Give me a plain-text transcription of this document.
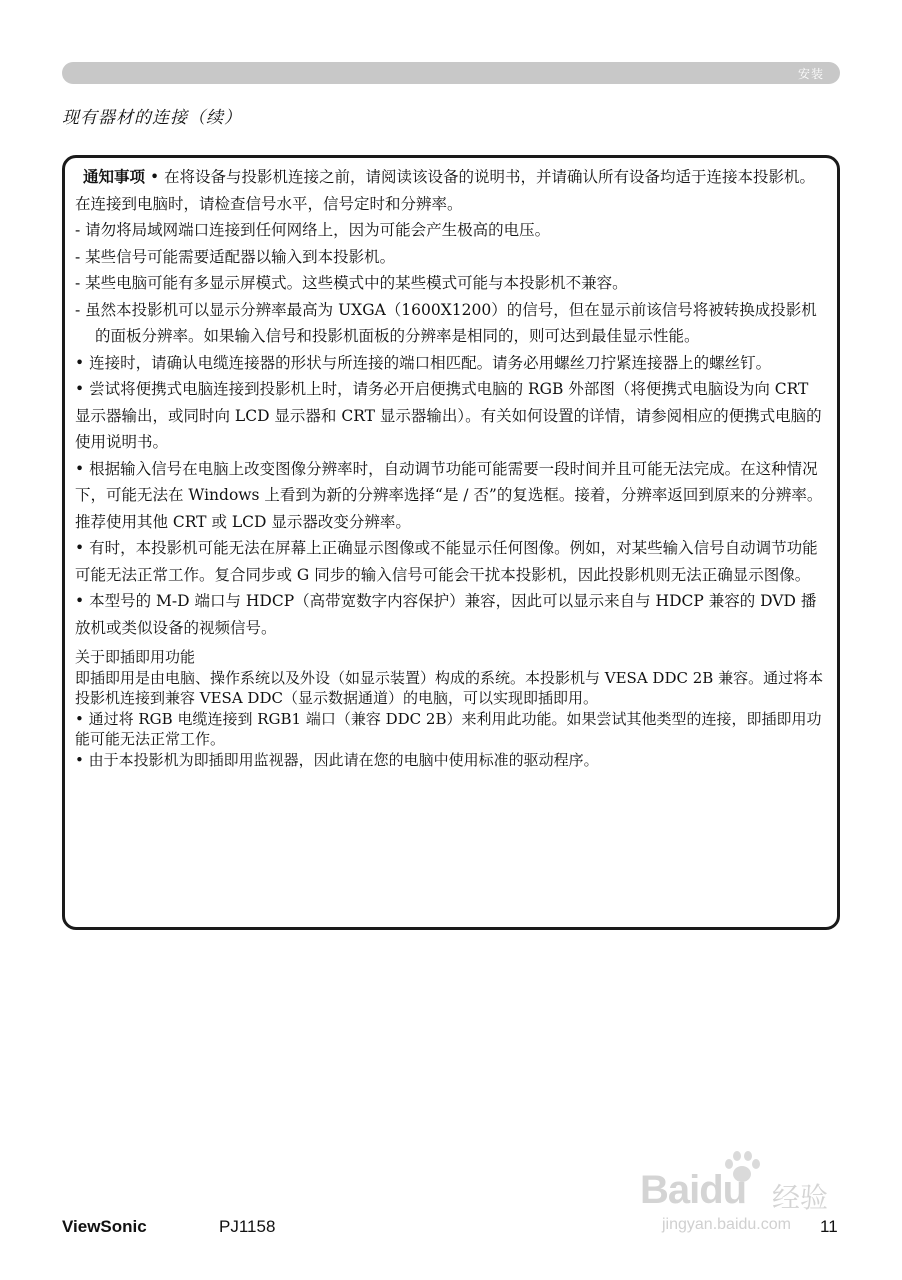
安装
现有器材的连接（续）

通知事项 • 在将设备与投影机连接之前，请阅读该设备的说明书，并请确认所有设备均适于连接本投影机。在连接到电脑时，请检查信号水平，信号定时和分辨率。

- 请勿将局域网端口连接到任何网络上，因为可能会产生极高的电压。

- 某些信号可能需要适配器以输入到本投影机。

- 某些电脑可能有多显示屏模式。这些模式中的某些模式可能与本投影机不兼容。

- 虽然本投影机可以显示分辨率最高为 UXGA（1600X1200）的信号，但在显示前该信号将被转换成投影机的面板分辨率。如果输入信号和投影机面板的分辨率是相同的，则可达到最佳显示性能。

• 连接时，请确认电缆连接器的形状与所连接的端口相匹配。请务必用螺丝刀拧紧连接器上的螺丝钉。

• 尝试将便携式电脑连接到投影机上时，请务必开启便携式电脑的 RGB 外部图（将便携式电脑设为向 CRT 显示器输出，或同时向 LCD 显示器和 CRT 显示器输出）。有关如何设置的详情，请参阅相应的便携式电脑的使用说明书。

• 根据输入信号在电脑上改变图像分辨率时，自动调节功能可能需要一段时间并且可能无法完成。在这种情况下，可能无法在 Windows 上看到为新的分辨率选择“是 / 否”的复选框。接着，分辨率返回到原来的分辨率。推荐使用其他 CRT 或 LCD 显示器改变分辨率。

• 有时，本投影机可能无法在屏幕上正确显示图像或不能显示任何图像。例如，对某些输入信号自动调节功能可能无法正常工作。复合同步或 G 同步的输入信号可能会干扰本投影机，因此投影机则无法正确显示图像。

• 本型号的 M-D 端口与 HDCP（高带宽数字内容保护）兼容，因此可以显示来自与 HDCP 兼容的 DVD 播放机或类似设备的视频信号。

关于即插即用功能

即插即用是由电脑、操作系统以及外设（如显示装置）构成的系统。本投影机与 VESA DDC 2B 兼容。通过将本投影机连接到兼容 VESA DDC（显示数据通道）的电脑，可以实现即插即用。

• 通过将 RGB 电缆连接到 RGB1 端口（兼容 DDC 2B）来利用此功能。如果尝试其他类型的连接，即插即用功能可能无法正常工作。

• 由于本投影机为即插即用监视器，因此请在您的电脑中使用标准的驱动程序。

Baidu 经验
jingyan.baidu.com
ViewSonic	PJ1158	11
